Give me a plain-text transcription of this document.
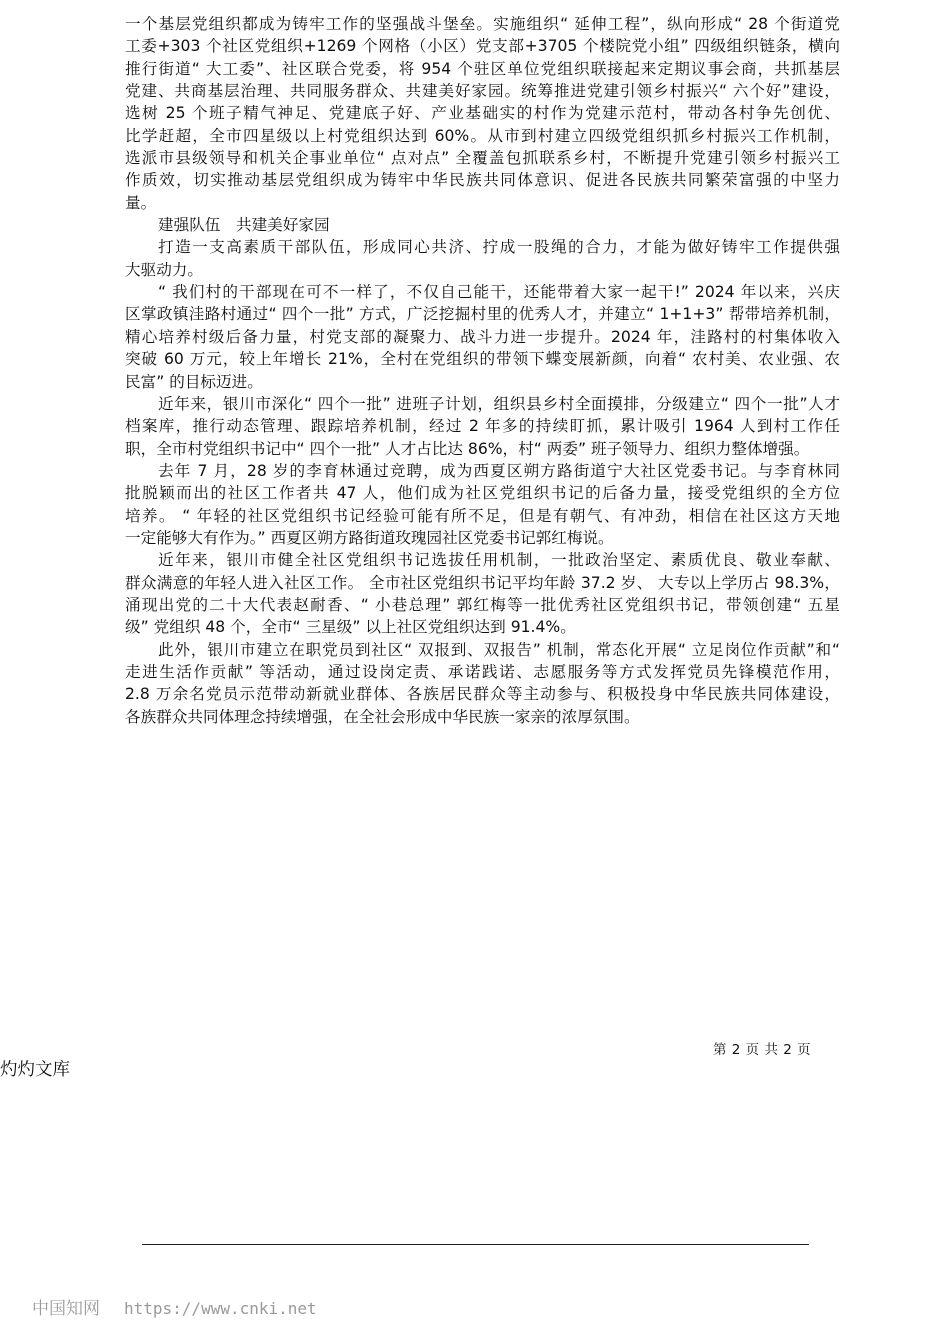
一个基层党组织都成为铸牢工作的坚强战斗堡垒。实施组织“ 延伸工程”，纵向形成“ 28 个街道党
工委+303 个社区党组织+1269 个网格（小区）党支部+3705 个楼院党小组” 四级组织链条，横向
推行街道“ 大工委”、社区联合党委，将 954 个驻区单位党组织联接起来定期议事会商，共抓基层
党建、共商基层治理、共同服务群众、共建美好家园。统筹推进党建引领乡村振兴“ 六个好”建设，
选树 25 个班子精气神足、党建底子好、产业基础实的村作为党建示范村，带动各村争先创优、
比学赶超，全市四星级以上村党组织达到 60%。从市到村建立四级党组织抓乡村振兴工作机制，
选派市县级领导和机关企事业单位“ 点对点” 全覆盖包抓联系乡村，不断提升党建引领乡村振兴工
作质效，切实推动基层党组织成为铸牢中华民族共同体意识、促进各民族共同繁荣富强的中坚力
量。
建强队伍　共建美好家园
打造一支高素质干部队伍，形成同心共济、拧成一股绳的合力，才能为做好铸牢工作提供强
大驱动力。
“ 我们村的干部现在可不一样了，不仅自己能干，还能带着大家一起干!” 2024 年以来，兴庆
区掌政镇洼路村通过“ 四个一批” 方式，广泛挖掘村里的优秀人才，并建立“ 1+1+3” 帮带培养机制，
精心培养村级后备力量，村党支部的凝聚力、战斗力进一步提升。2024 年，洼路村的村集体收入
突破 60 万元，较上年增长 21%，全村在党组织的带领下蝶变展新颜，向着“ 农村美、农业强、农
民富” 的目标迈进。
近年来，银川市深化“ 四个一批” 进班子计划，组织县乡村全面摸排，分级建立“ 四个一批”人才
档案库，推行动态管理、跟踪培养机制，经过 2 年多的持续盯抓，累计吸引 1964 人到村工作任
职，全市村党组织书记中“ 四个一批” 人才占比达 86%，村“ 两委” 班子领导力、组织力整体增强。
去年 7 月，28 岁的李育林通过竞聘，成为西夏区朔方路街道宁大社区党委书记。与李育林同
批脱颖而出的社区工作者共 47 人，他们成为社区党组织书记的后备力量，接受党组织的全方位
培养。 “ 年轻的社区党组织书记经验可能有所不足，但是有朝气、有冲劲，相信在社区这方天地
一定能够大有作为。” 西夏区朔方路街道玫瑰园社区党委书记郭红梅说。
近年来，银川市健全社区党组织书记选拔任用机制，一批政治坚定、素质优良、敬业奉献、
群众满意的年轻人进入社区工作。 全市社区党组织书记平均年龄 37.2 岁、 大专以上学历占 98.3%，
涌现出党的二十大代表赵耐香、“ 小巷总理” 郭红梅等一批优秀社区党组织书记，带领创建“ 五星
级” 党组织 48 个，全市“ 三星级” 以上社区党组织达到 91.4%。
此外，银川市建立在职党员到社区“ 双报到、双报告” 机制，常态化开展“ 立足岗位作贡献”和“
走进生活作贡献” 等活动，通过设岗定责、承诺践诺、志愿服务等方式发挥党员先锋模范作用，
2.8 万余名党员示范带动新就业群体、各族居民群众等主动参与、积极投身中华民族共同体建设，
各族群众共同体理念持续增强，在全社会形成中华民族一家亲的浓厚氛围。
第 2 页 共 2 页
灼灼文库
中国知网 https://www.cnki.net
